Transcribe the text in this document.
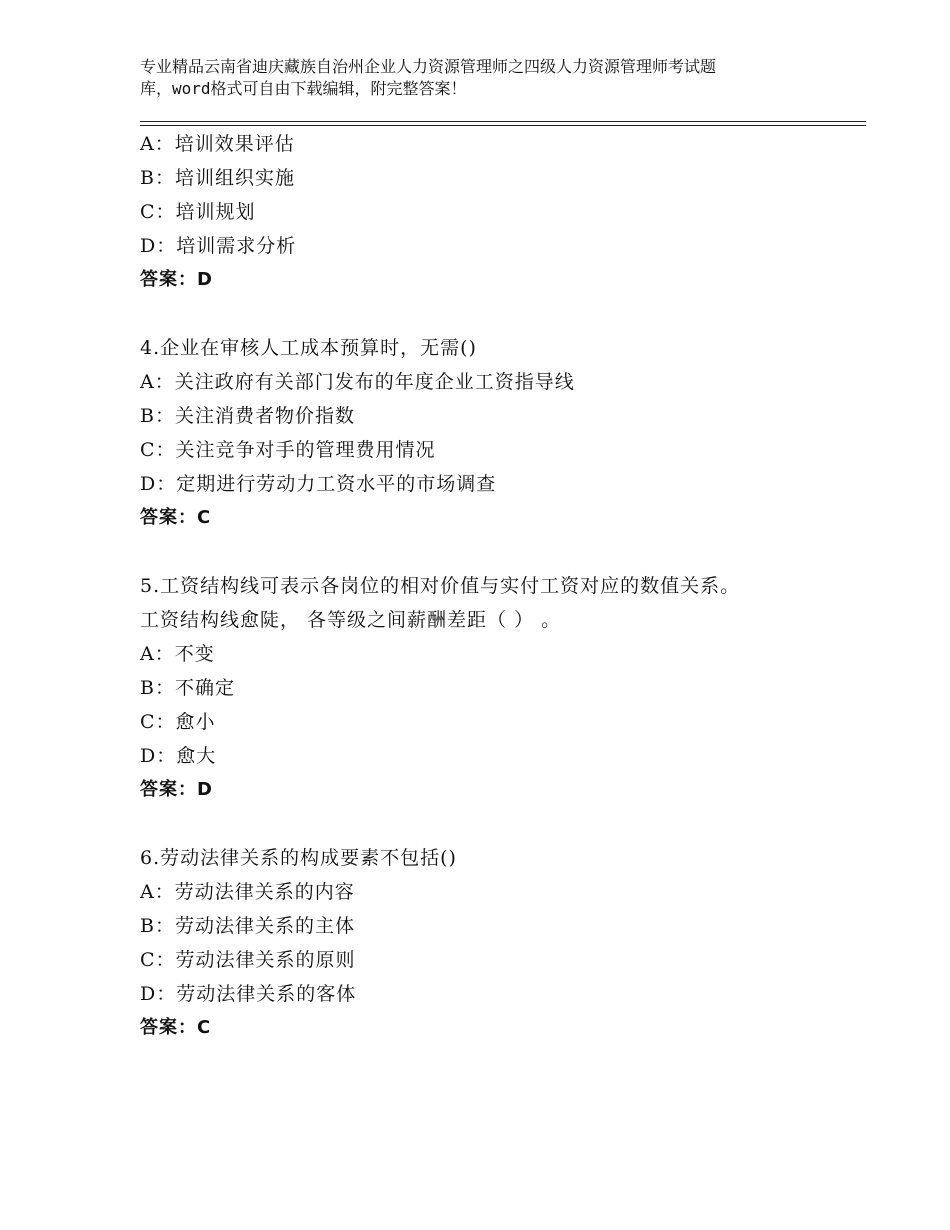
专业精品云南省迪庆藏族自治州企业人力资源管理师之四级人力资源管理师考试题
库，word格式可自由下载编辑，附完整答案！
A：培训效果评估
B：培训组织实施
C：培训规划
D：培训需求分析
答案：D
4.企业在审核人工成本预算时，无需()
A：关注政府有关部门发布的年度企业工资指导线
B：关注消费者物价指数
C：关注竞争对手的管理费用情况
D：定期进行劳动力工资水平的市场调查
答案：C
5.工资结构线可表示各岗位的相对价值与实付工资对应的数值关系。
工资结构线愈陡， 各等级之间薪酬差距（ ） 。
A：不变
B：不确定
C：愈小
D：愈大
答案：D
6.劳动法律关系的构成要素不包括()
A：劳动法律关系的内容
B：劳动法律关系的主体
C：劳动法律关系的原则
D：劳动法律关系的客体
答案：C
